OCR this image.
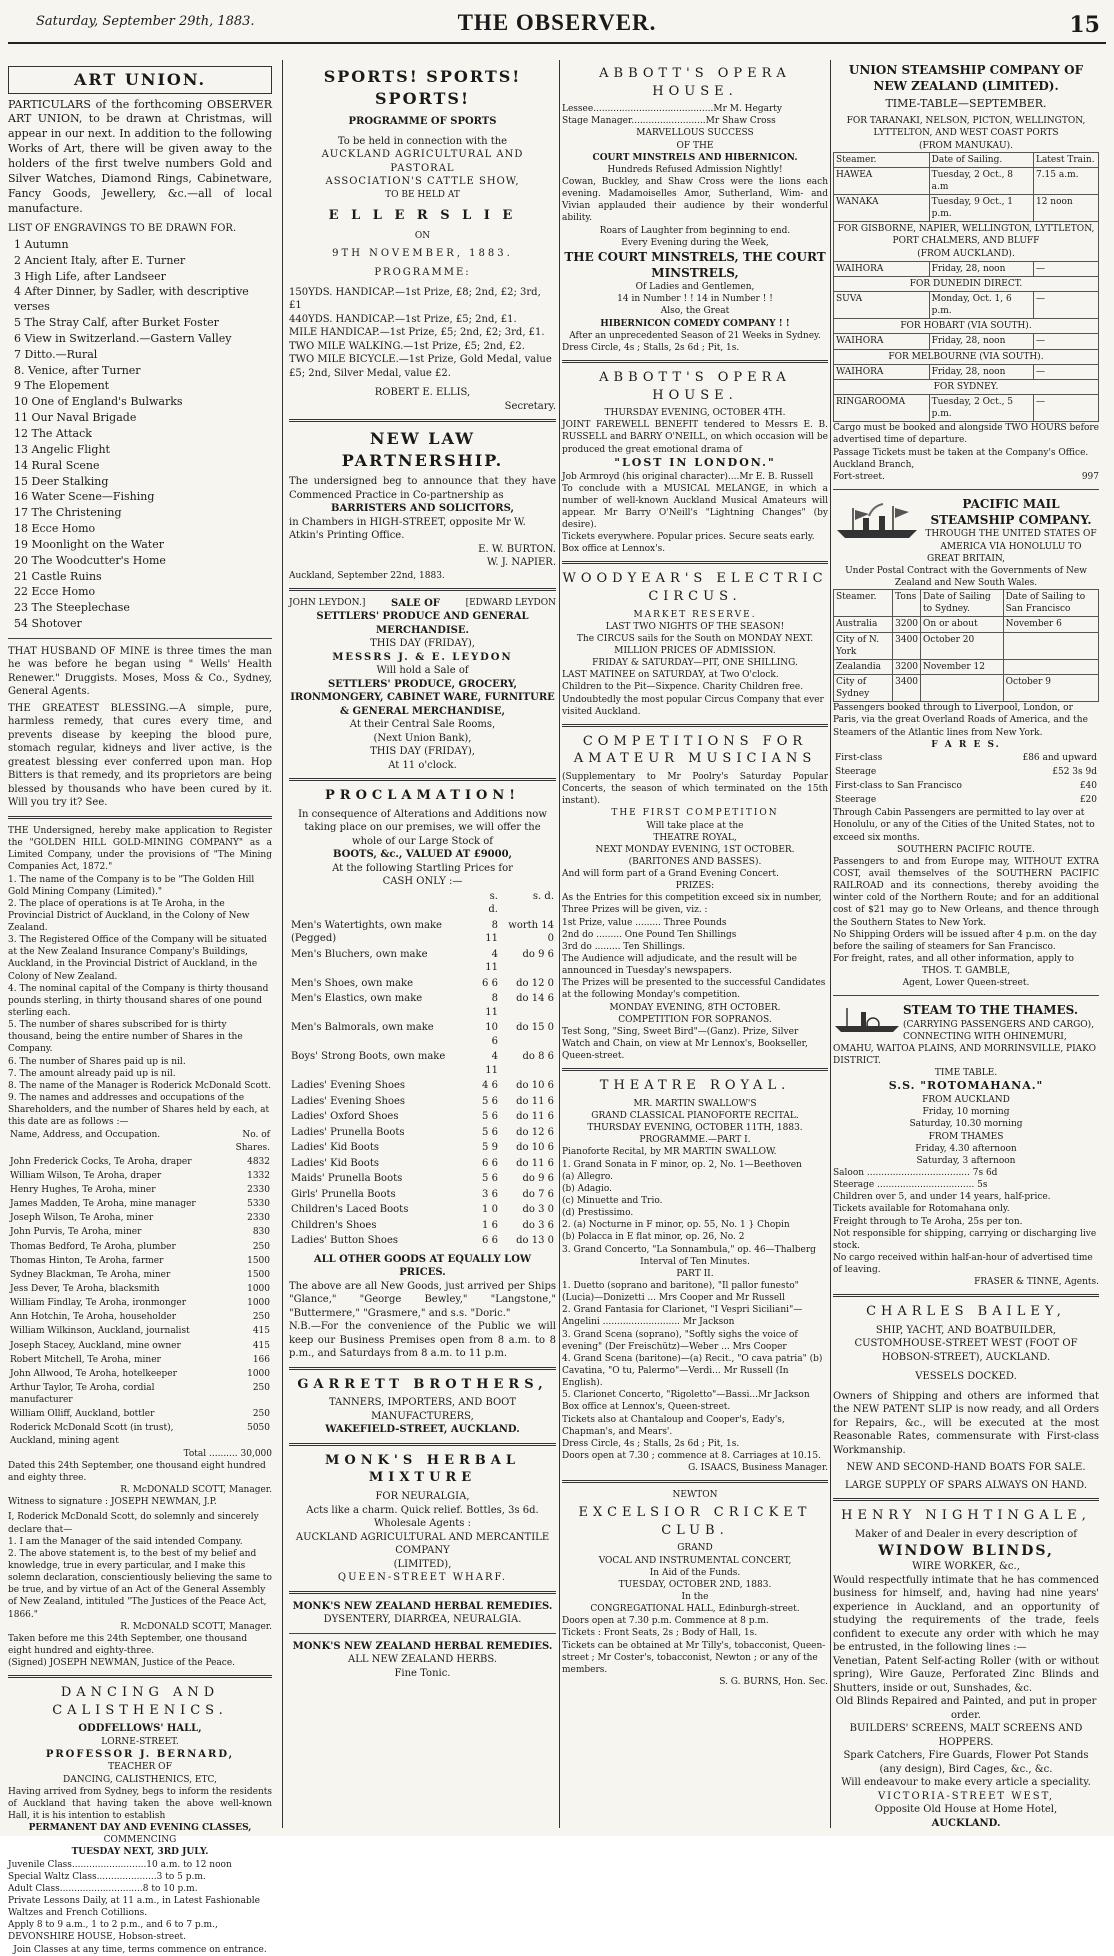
Saturday, September 29th, 1883.	THE OBSERVER.	15
ART UNION.
PARTICULARS of the forthcoming OBSERVER ART UNION, to be drawn at Christmas, will appear in our next. In addition to the following Works of Art, there will be given away to the holders of the first twelve numbers Gold and Silver Watches, Diamond Rings, Cabinetware, Fancy Goods, Jewellery, &c.—all of local manufacture.
LIST OF ENGRAVINGS TO BE DRAWN FOR.
1 Autumn
2 Ancient Italy, after E. Turner
3 High Life, after Landseer
4 After Dinner, by Sadler, with descriptive verses
5 The Stray Calf, after Burket Foster
6 View in Switzerland.—Gastern Valley
7 Ditto.—Rural
8. Venice, after Turner
9 The Elopement
10 One of England's Bulwarks
11 Our Naval Brigade
12 The Attack
13 Angelic Flight
14 Rural Scene
15 Deer Stalking
16 Water Scene—Fishing
17 The Christening
18 Ecce Homo
19 Moonlight on the Water
20 The Woodcutter's Home
21 Castle Ruins
22 Ecce Homo
23 The Steeplechase
54 Shotover
THAT HUSBAND OF MINE is three times the man he was before he began using " Wells' Health Renewer." Druggists. Moses, Moss & Co., Sydney, General Agents.
THE GREATEST BLESSING.—A simple, pure, harmless remedy, that cures every time, and prevents disease by keeping the blood pure, stomach regular, kidneys and liver active, is the greatest blessing ever conferred upon man. Hop Bitters is that remedy, and its proprietors are being blessed by thousands who have been cured by it. Will you try it? See.
THE Undersigned, hereby make application to Register the "GOLDEN HILL GOLD-MINING COMPANY" as a Limited Company, under the provisions of "The Mining Companies Act, 1872."
1. The name of the Company is to be "The Golden Hill Gold Mining Company (Limited)."
2. The place of operations is at Te Aroha, in the Provincial District of Auckland, in the Colony of New Zealand.
3. The Registered Office of the Company will be situated at the New Zealand Insurance Company's Buildings, Auckland, in the Provincial District of Auckland, in the Colony of New Zealand.
4. The nominal capital of the Company is thirty thousand pounds sterling, in thirty thousand shares of one pound sterling each.
5. The number of shares subscribed for is thirty thousand, being the entire number of Shares in the Company.
6. The number of Shares paid up is nil.
7. The amount already paid up is nil.
8. The name of the Manager is Roderick McDonald Scott.
9. The names and addresses and occupations of the Shareholders, and the number of Shares held by each, at this date are as follows :—
Name, Address, and Occupation.	No. of Shares.
John Frederick Cocks, Te Aroha, draper	4832
William Wilson, Te Aroha, draper	1332
Henry Hughes, Te Aroha, miner	2330
James Madden, Te Aroha, mine manager	5330
Joseph Wilson, Te Aroha, miner	2330
John Purvis, Te Aroha, miner	830
Thomas Bedford, Te Aroha, plumber	250
Thomas Hinton, Te Aroha, farmer	1500
Sydney Blackman, Te Aroha, miner	1500
Jess Dever, Te Aroha, blacksmith	1000
William Findlay, Te Aroha, ironmonger	1000
Ann Hotchin, Te Aroha, householder	250
William Wilkinson, Auckland, journalist	415
Joseph Stacey, Auckland, mine owner	415
Robert Mitchell, Te Aroha, miner	166
John Allwood, Te Aroha, hotelkeeper	1000
Arthur Taylor, Te Aroha, cordial manufacturer	250
William Olliff, Auckland, bottler	250
Roderick McDonald Scott (in trust), Auckland, mining agent	5050
Total .......... 30,000
Dated this 24th September, one thousand eight hundred and eighty three.
R. McDONALD SCOTT, Manager.
Witness to signature : JOSEPH NEWMAN, J.P.
I, Roderick McDonald Scott, do solemnly and sincerely declare that—
1. I am the Manager of the said intended Company.
2. The above statement is, to the best of my belief and knowledge, true in every particular, and I make this solemn declaration, conscientiously believing the same to be true, and by virtue of an Act of the General Assembly of New Zealand, intituled "The Justices of the Peace Act, 1866."
R. McDONALD SCOTT, Manager.
Taken before me this 24th September, one thousand eight hundred and eighty-three.
(Signed) JOSEPH NEWMAN, Justice of the Peace.
DANCING AND CALISTHENICS.
ODDFELLOWS' HALL,
LORNE-STREET.
PROFESSOR J. BERNARD,
TEACHER OF
DANCING, CALISTHENICS, ETC,
Having arrived from Sydney, begs to inform the residents of Auckland that having taken the above well-known Hall, it is his intention to establish
PERMANENT DAY AND EVENING CLASSES,
COMMENCING
TUESDAY NEXT, 3RD JULY.
Juvenile Class..........................10 a.m. to 12 noon
Special Waltz Class.....................3 to 5 p.m.
Adult Class.............................8 to 10 p.m.
Private Lessons Daily, at 11 a.m., in Latest Fashionable Waltzes and French Cotillions.
Apply 8 to 9 a.m., 1 to 2 p.m., and 6 to 7 p.m., DEVONSHIRE HOUSE, Hobson-street.
Join Classes at any time, terms commence on entrance.
SPORTS! SPORTS! SPORTS!
PROGRAMME OF SPORTS
To be held in connection with the
AUCKLAND AGRICULTURAL AND PASTORAL
ASSOCIATION'S CATTLE SHOW,
TO BE HELD AT
E L L E R S L I E
ON
9TH NOVEMBER, 1883.
PROGRAMME:
150YDS. HANDICAP.—1st Prize, £8; 2nd, £2; 3rd, £1
440YDS. HANDICAP.—1st Prize, £5; 2nd, £1.
MILE HANDICAP.—1st Prize, £5; 2nd, £2; 3rd, £1.
TWO MILE WALKING.—1st Prize, £5; 2nd, £2.
TWO MILE BICYCLE.—1st Prize, Gold Medal, value £5; 2nd, Silver Medal, value £2.
ROBERT E. ELLIS,
Secretary.
NEW LAW PARTNERSHIP.
The undersigned beg to announce that they have Commenced Practice in Co-partnership as
BARRISTERS AND SOLICITORS,
in Chambers in HIGH-STREET, opposite Mr W. Atkin's Printing Office.
E. W. BURTON.
W. J. NAPIER.
Auckland, September 22nd, 1883.
JOHN LEYDON.]	[EDWARD LEYDON
SALE OF SETTLERS' PRODUCE AND GENERAL MERCHANDISE.
THIS DAY (FRIDAY),
MESSRS J. & E. LEYDON
Will hold a Sale of
SETTLERS' PRODUCE, GROCERY, IRONMONGERY, CABINET WARE, FURNITURE & GENERAL MERCHANDISE,
At their Central Sale Rooms,
(Next Union Bank),
THIS DAY (FRIDAY),
At 11 o'clock.
PROCLAMATION!
In consequence of Alterations and Additions now taking place on our premises, we will offer the whole of our Large Stock of
BOOTS, &c., VALUED AT £9000,
At the following Startling Prices for
CASH ONLY :—
	s. d.	s. d.
Men's Watertights, own make (Pegged)	8 11	worth 14 0
Men's Bluchers, own make	4 11	do 9 6
Men's Shoes, own make	6 6	do 12 0
Men's Elastics, own make	8 11	do 14 6
Men's Balmorals, own make	10 6	do 15 0
Boys' Strong Boots, own make	4 11	do 8 6
Ladies' Evening Shoes	4 6	do 10 6
Ladies' Evening Shoes	5 6	do 11 6
Ladies' Oxford Shoes	5 6	do 11 6
Ladies' Prunella Boots	5 6	do 12 6
Ladies' Kid Boots	5 9	do 10 6
Ladies' Kid Boots	6 6	do 11 6
Maids' Prunella Boots	5 6	do 9 6
Girls' Prunella Boots	3 6	do 7 6
Children's Laced Boots	1 0	do 3 0
Children's Shoes	1 6	do 3 6
Ladies' Button Shoes	6 6	do 13 0
ALL OTHER GOODS AT EQUALLY LOW PRICES.
The above are all New Goods, just arrived per Ships "Glance," "George Bewley," "Langstone," "Buttermere," "Grasmere," and s.s. "Doric."
N.B.—For the convenience of the Public we will keep our Business Premises open from 8 a.m. to 8 p.m., and Saturdays from 8 a.m. to 11 p.m.
GARRETT BROTHERS,
TANNERS, IMPORTERS, AND BOOT MANUFACTURERS,
WAKEFIELD-STREET, AUCKLAND.
MONK'S HERBAL MIXTURE
FOR NEURALGIA,
Acts like a charm. Quick relief. Bottles, 3s 6d.
Wholesale Agents :
AUCKLAND AGRICULTURAL AND MERCANTILE COMPANY
(LIMITED),
QUEEN-STREET WHARF.
MONK'S NEW ZEALAND HERBAL REMEDIES.
DYSENTERY, DIARRŒA, NEURALGIA.
MONK'S NEW ZEALAND HERBAL REMEDIES.
ALL NEW ZEALAND HERBS.
Fine Tonic.
ABBOTT'S OPERA HOUSE.
Lessee..........................................Mr M. Hegarty
Stage Manager..........................Mr Shaw Cross
MARVELLOUS SUCCESS
OF THE
COURT MINSTRELS AND HIBERNICON.
Hundreds Refused Admission Nightly!
Cowan, Buckley, and Shaw Cross were the lions each evening. Madamoiselles Amor, Sutherland, Wim- and Vivian applauded their audience by their wonderful ability.
Roars of Laughter from beginning to end.
Every Evening during the Week,
THE COURT MINSTRELS, THE COURT MINSTRELS,
Of Ladies and Gentlemen,
14 in Number ! ! 14 in Number ! !
Also, the Great
HIBERNICON COMEDY COMPANY ! !
After an unprecedented Season of 21 Weeks in Sydney.
Dress Circle, 4s ; Stalls, 2s 6d ; Pit, 1s.
ABBOTT'S OPERA HOUSE.
THURSDAY EVENING, OCTOBER 4TH.
JOINT FAREWELL BENEFIT tendered to Messrs E. B. RUSSELL and BARRY O'NEILL, on which occasion will be produced the great emotional drama of
"LOST IN LONDON."
Job Armroyd (his original character)....Mr E. B. Russell
To conclude with a MUSICAL MELANGE, in which a number of well-known Auckland Musical Amateurs will appear. Mr Barry O'Neill's "Lightning Changes" (by desire).
Tickets everywhere. Popular prices. Secure seats early. Box office at Lennox's.
WOODYEAR'S ELECTRIC CIRCUS.
MARKET RESERVE.
LAST TWO NIGHTS OF THE SEASON!
The CIRCUS sails for the South on MONDAY NEXT.
MILLION PRICES OF ADMISSION.
FRIDAY & SATURDAY—PIT, ONE SHILLING.
LAST MATINEE on SATURDAY, at Two O'clock.
Children to the Pit—Sixpence. Charity Children free.
Undoubtedly the most popular Circus Company that ever visited Auckland.
COMPETITIONS FOR AMATEUR MUSICIANS
(Supplementary to Mr Poolry's Saturday Popular Concerts, the season of which terminated on the 15th instant).
THE FIRST COMPETITION
Will take place at the
THEATRE ROYAL,
NEXT MONDAY EVENING, 1ST OCTOBER.
(BARITONES AND BASSES).
And will form part of a Grand Evening Concert.
PRIZES:
As the Entries for this competition exceed six in number, Three Prizes will be given, viz. :
1st Prize, value ......... Three Pounds
2nd do ......... One Pound Ten Shillings
3rd do ......... Ten Shillings.
The Audience will adjudicate, and the result will be announced in Tuesday's newspapers.
The Prizes will be presented to the successful Candidates at the following Monday's competition.
MONDAY EVENING, 8TH OCTOBER.
COMPETITION FOR SOPRANOS.
Test Song, "Sing, Sweet Bird"—(Ganz). Prize, Silver Watch and Chain, on view at Mr Lennox's, Bookseller, Queen-street.
THEATRE ROYAL.
MR. MARTIN SWALLOW'S
GRAND CLASSICAL PIANOFORTE RECITAL.
THURSDAY EVENING, OCTOBER 11TH, 1883.
PROGRAMME.—PART I.
Pianoforte Recital, by MR MARTIN SWALLOW.
1. Grand Sonata in F minor, op. 2, No. 1—Beethoven
(a) Allegro.
(b) Adagio.
(c) Minuette and Trio.
(d) Prestissimo.
2. (a) Nocturne in F minor, op. 55, No. 1 } Chopin
(b) Polacca in E flat minor, op. 26, No. 2
3. Grand Concerto, "La Sonnambula," op. 46—Thalberg
Interval of Ten Minutes.
PART II.
1. Duetto (soprano and baritone), "Il pallor funesto" (Lucia)—Donizetti ... Mrs Cooper and Mr Russell
2. Grand Fantasia for Clarionet, "I Vespri Siciliani"—Angelini ........................... Mr Jackson
3. Grand Scena (soprano), "Softly sighs the voice of evening" (Der Freischütz)—Weber ... Mrs Cooper
4. Grand Scena (baritone)—(a) Recit., "O cava patria" (b) Cavatina, "O tu, Palermo"—Verdi... Mr Russell (In English).
5. Clarionet Concerto, "Rigoletto"—Bassi...Mr Jackson
Box office at Lennox's, Queen-street.
Tickets also at Chantaloup and Cooper's, Eady's, Chapman's, and Mears'.
Dress Circle, 4s ; Stalls, 2s 6d ; Pit, 1s.
Doors open at 7.30 ; commence at 8. Carriages at 10.15.
G. ISAACS, Business Manager.
NEWTON
EXCELSIOR CRICKET CLUB.
GRAND
VOCAL AND INSTRUMENTAL CONCERT,
In Aid of the Funds.
TUESDAY, OCTOBER 2ND, 1883.
In the
CONGREGATIONAL HALL, Edinburgh-street.
Doors open at 7.30 p.m. Commence at 8 p.m.
Tickets : Front Seats, 2s ; Body of Hall, 1s.
Tickets can be obtained at Mr Tilly's, tobacconist, Queen-street ; Mr Coster's, tobacconist, Newton ; or any of the members.
S. G. BURNS, Hon. Sec.
UNION STEAMSHIP COMPANY OF NEW ZEALAND (LIMITED).
TIME-TABLE—SEPTEMBER.
FOR TARANAKI, NELSON, PICTON, WELLINGTON, LYTTELTON, AND WEST COAST PORTS
(FROM MANUKAU).
Steamer.	Date of Sailing.	Latest Train.
HAWEA	Tuesday, 2 Oct., 8 a.m	7.15 a.m.
WANAKA	Tuesday, 9 Oct., 1 p.m.	12 noon

FOR GISBORNE, NAPIER, WELLINGTON, LYTTLETON, PORT CHALMERS, AND BLUFF
(FROM AUCKLAND).		

WAIHORA	Friday, 28, noon	—

FOR DUNEDIN DIRECT.		

SUVA	Monday, Oct. 1, 6 p.m.	—

FOR HOBART (VIA SOUTH).		

WAIHORA	Friday, 28, noon	—

FOR MELBOURNE (VIA SOUTH).		

WAIHORA	Friday, 28, noon	—

FOR SYDNEY.		

RINGAROOMA	Tuesday, 2 Oct., 5 p.m.	—
Cargo must be booked and alongside TWO HOURS before advertised time of departure.
Passage Tickets must be taken at the Company's Office.
Auckland Branch,
Fort-street.	997
PACIFIC MAIL STEAMSHIP COMPANY.
THROUGH THE UNITED STATES OF AMERICA VIA HONOLULU TO GREAT BRITAIN,
Under Postal Contract with the Governments of New Zealand and New South Wales.
Steamer.	Tons	Date of Sailing to Sydney.	Date of Sailing to San Francisco
Australia	3200	On or about	November 6
City of N. York	3400	October 20	
Zealandia	3200	November 12	
City of Sydney	3400		October 9
Passengers booked through to Liverpool, London, or Paris, via the great Overland Roads of America, and the Steamers of the Atlantic lines from New York.
F A R E S.
First-class	£86 and upward
Steerage	£52 3s 9d
First-class to San Francisco	£40
Steerage	£20
Through Cabin Passengers are permitted to lay over at Honolulu, or any of the Cities of the United States, not to exceed six months.
SOUTHERN PACIFIC ROUTE.
Passengers to and from Europe may, WITHOUT EXTRA COST, avail themselves of the SOUTHERN PACIFIC RAILROAD and its connections, thereby avoiding the winter cold of the Northern Route; and for an additional cost of $21 may go to New Orleans, and thence through the Southern States to New York.
No Shipping Orders will be issued after 4 p.m. on the day before the sailing of steamers for San Francisco.
For freight, rates, and all other information, apply to
THOS. T. GAMBLE,
Agent, Lower Queen-street.
STEAM TO THE THAMES.
(CARRYING PASSENGERS AND CARGO), CONNECTING WITH OHINEMURI, OMAHU, WAITOA PLAINS, AND MORRINSVILLE, PIAKO DISTRICT.
TIME TABLE.
S.S. "ROTOMAHANA."
FROM AUCKLAND
Friday, 10 morning
Saturday, 10.30 morning
FROM THAMES
Friday, 4.30 afternoon
Saturday, 3 afternoon
Saloon .................................... 7s 6d
Steerage .................................. 5s
Children over 5, and under 14 years, half-price.
Tickets available for Rotomahana only.
Freight through to Te Aroha, 25s per ton.
Not responsible for shipping, carrying or discharging live stock.
No cargo received within half-an-hour of advertised time of leaving.
FRASER & TINNE, Agents.
CHARLES BAILEY,
SHIP, YACHT, AND BOATBUILDER,
CUSTOMHOUSE-STREET WEST (FOOT OF HOBSON-STREET), AUCKLAND.
VESSELS DOCKED.
Owners of Shipping and others are informed that the NEW PATENT SLIP is now ready, and all Orders for Repairs, &c., will be executed at the most Reasonable Rates, commensurate with First-class Workmanship.
NEW AND SECOND-HAND BOATS FOR SALE.
LARGE SUPPLY OF SPARS ALWAYS ON HAND.
HENRY NIGHTINGALE,
Maker of and Dealer in every description of
WINDOW BLINDS,
WIRE WORKER, &c.,
Would respectfully intimate that he has commenced business for himself, and, having had nine years' experience in Auckland, and an opportunity of studying the requirements of the trade, feels confident to execute any order with which he may be entrusted, in the following lines :—
Venetian, Patent Self-acting Roller (with or without spring), Wire Gauze, Perforated Zinc Blinds and Shutters, inside or out, Sunshades, &c.
Old Blinds Repaired and Painted, and put in proper order.
BUILDERS' SCREENS, MALT SCREENS AND HOPPERS.
Spark Catchers, Fire Guards, Flower Pot Stands (any design), Bird Cages, &c., &c.
Will endeavour to make every article a speciality.
VICTORIA-STREET WEST,
Opposite Old House at Home Hotel,
AUCKLAND.
